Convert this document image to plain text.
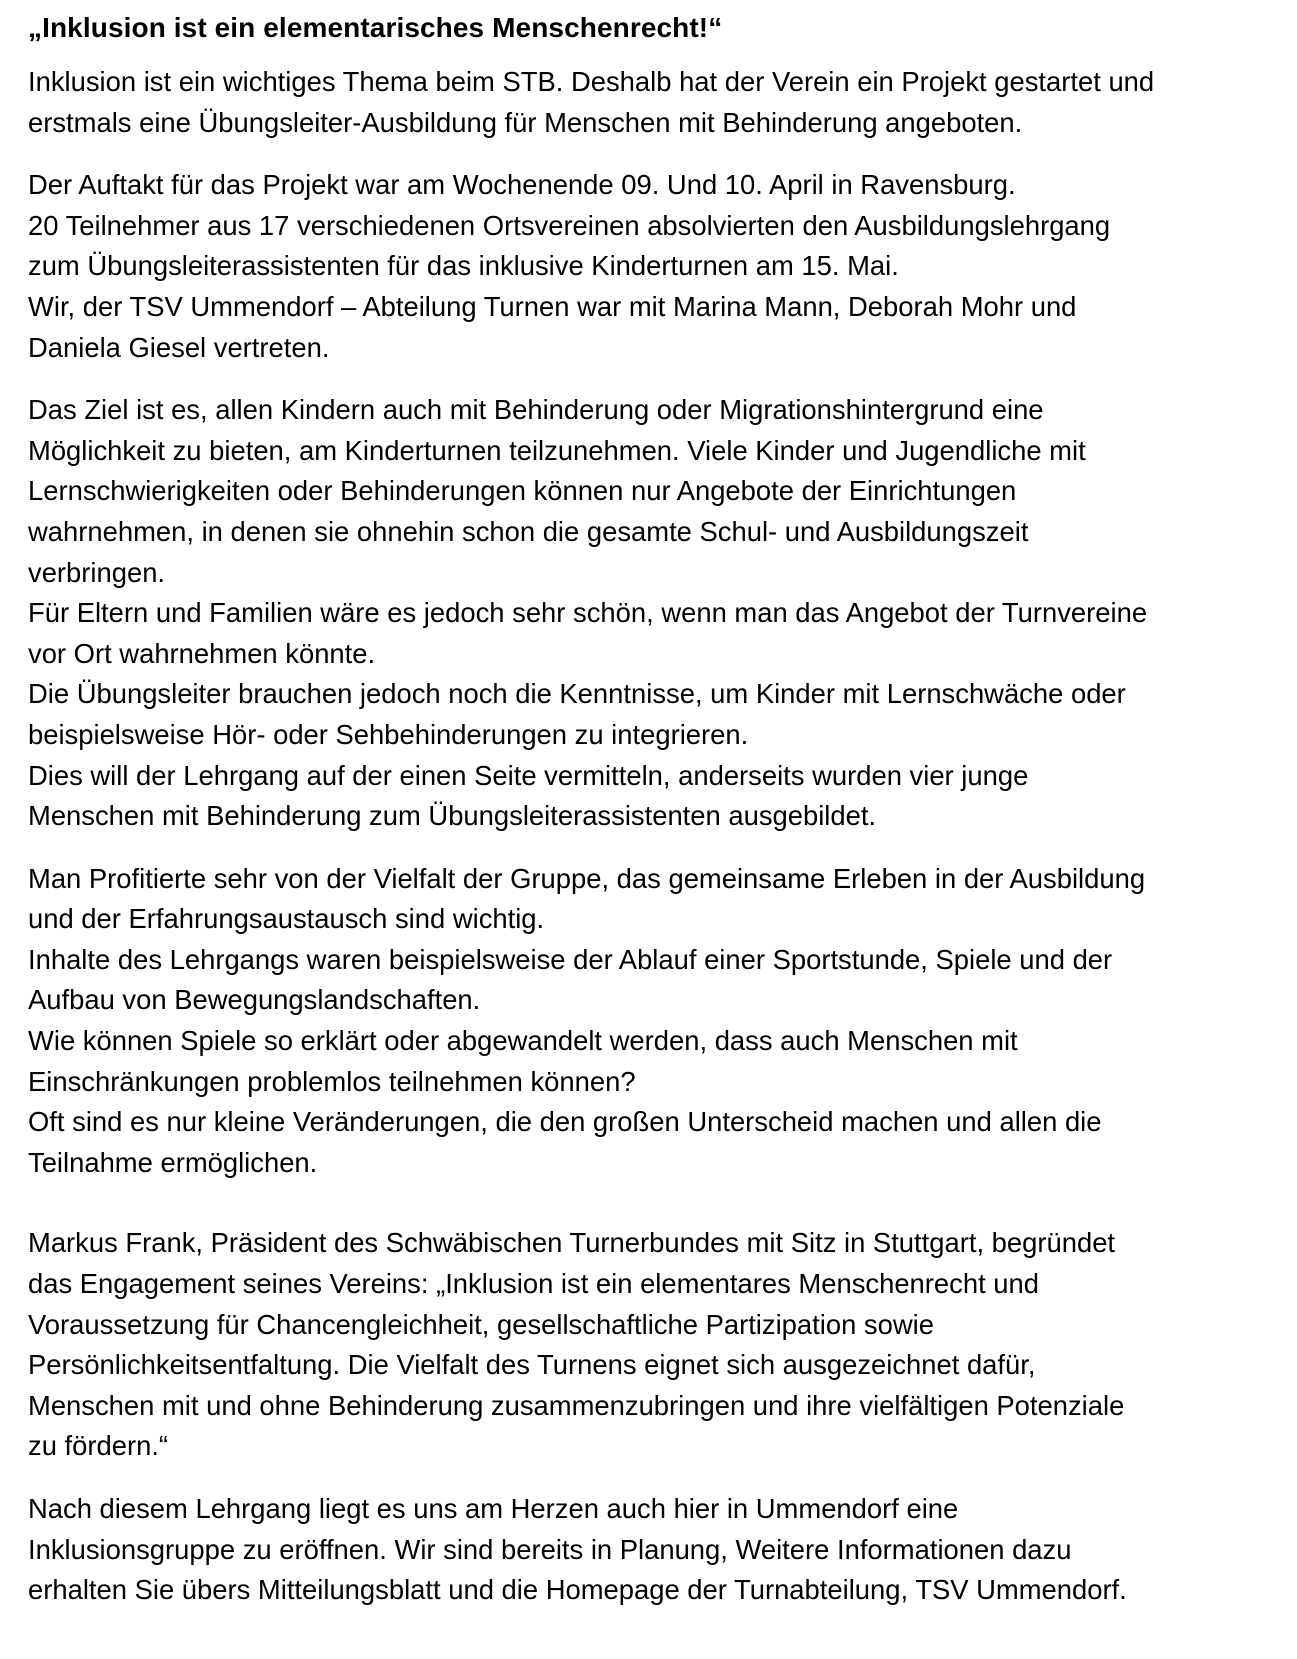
„Inklusion ist ein elementarisches Menschenrecht!“
Inklusion ist ein wichtiges Thema beim STB. Deshalb hat der Verein ein Projekt gestartet und
erstmals eine Übungsleiter-Ausbildung für Menschen mit Behinderung angeboten.
Der Auftakt für das Projekt war am Wochenende 09. Und 10. April in Ravensburg.
20 Teilnehmer aus 17 verschiedenen Ortsvereinen absolvierten den Ausbildungslehrgang
zum Übungsleiterassistenten für das inklusive Kinderturnen am 15. Mai.
Wir, der TSV Ummendorf – Abteilung Turnen war mit Marina Mann, Deborah Mohr und
Daniela Giesel vertreten.
Das Ziel ist es, allen Kindern auch mit Behinderung oder Migrationshintergrund eine
Möglichkeit zu bieten, am Kinderturnen teilzunehmen. Viele Kinder und Jugendliche mit
Lernschwierigkeiten oder Behinderungen können nur Angebote der Einrichtungen
wahrnehmen, in denen sie ohnehin schon die gesamte Schul- und Ausbildungszeit
verbringen.
Für Eltern und Familien wäre es jedoch sehr schön, wenn man das Angebot der Turnvereine
vor Ort wahrnehmen könnte.
Die Übungsleiter brauchen jedoch noch die Kenntnisse, um Kinder mit Lernschwäche oder
beispielsweise Hör- oder Sehbehinderungen zu integrieren.
Dies will der Lehrgang auf der einen Seite vermitteln, anderseits wurden vier junge
Menschen mit Behinderung zum Übungsleiterassistenten ausgebildet.
Man Profitierte sehr von der Vielfalt der Gruppe, das gemeinsame Erleben in der Ausbildung
und der Erfahrungsaustausch sind wichtig.
Inhalte des Lehrgangs waren beispielsweise der Ablauf einer Sportstunde, Spiele und der
Aufbau von Bewegungslandschaften.
Wie können Spiele so erklärt oder abgewandelt werden, dass auch Menschen mit
Einschränkungen problemlos teilnehmen können?
Oft sind es nur kleine Veränderungen, die den großen Unterscheid machen und allen die
Teilnahme ermöglichen.
Markus Frank, Präsident des Schwäbischen Turnerbundes mit Sitz in Stuttgart, begründet
das Engagement seines Vereins: „Inklusion ist ein elementares Menschenrecht und
Voraussetzung für Chancengleichheit, gesellschaftliche Partizipation sowie
Persönlichkeitsentfaltung. Die Vielfalt des Turnens eignet sich ausgezeichnet dafür,
Menschen mit und ohne Behinderung zusammenzubringen und ihre vielfältigen Potenziale
zu fördern.“
Nach diesem Lehrgang liegt es uns am Herzen auch hier in Ummendorf eine
Inklusionsgruppe zu eröffnen. Wir sind bereits in Planung, Weitere Informationen dazu
erhalten Sie übers Mitteilungsblatt und die Homepage der Turnabteilung, TSV Ummendorf.
